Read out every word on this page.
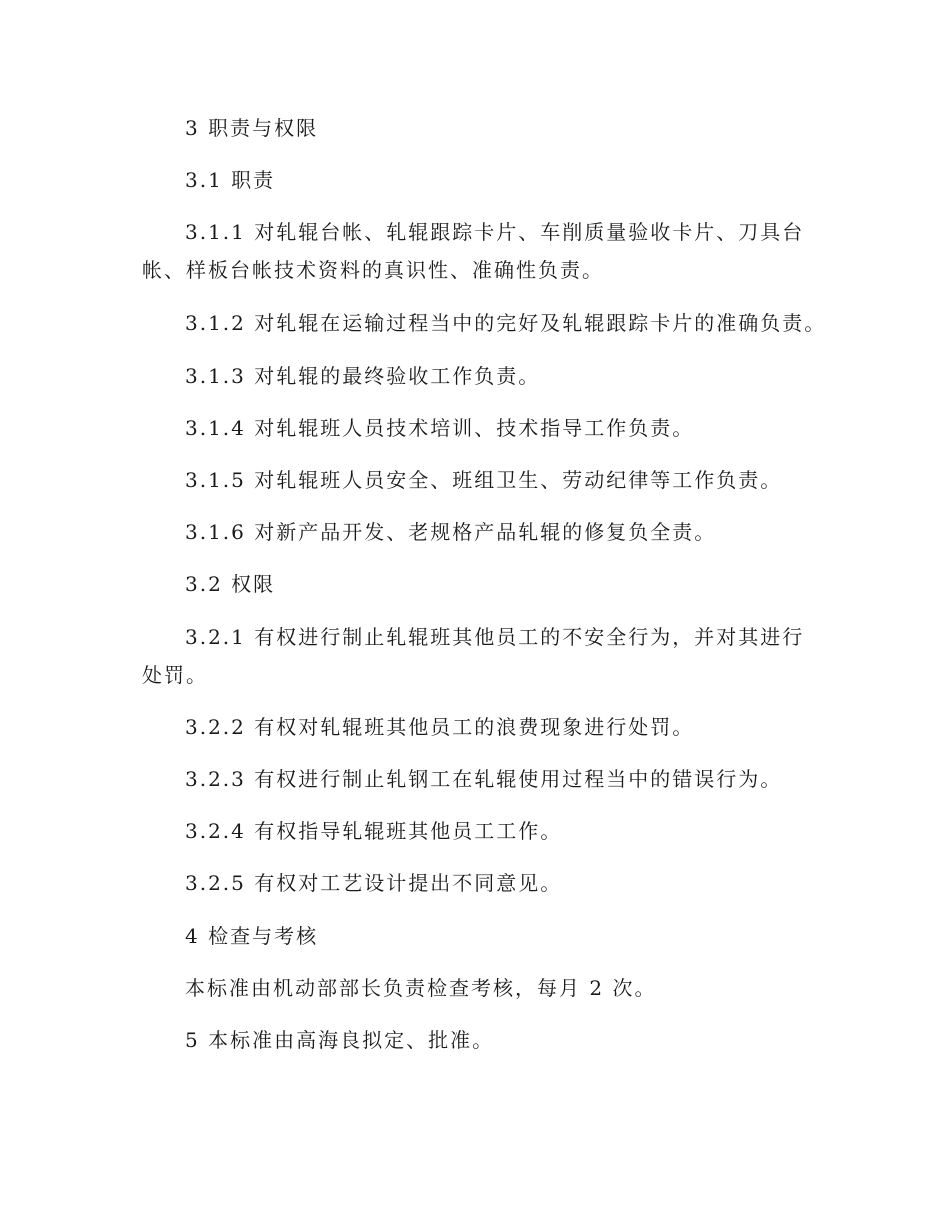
3 职责与权限
3.1 职责
3.1.1 对轧辊台帐、轧辊跟踪卡片、车削质量验收卡片、刀具台帐、样板台帐技术资料的真识性、准确性负责。
3.1.2 对轧辊在运输过程当中的完好及轧辊跟踪卡片的准确负责。
3.1.3 对轧辊的最终验收工作负责。
3.1.4 对轧辊班人员技术培训、技术指导工作负责。
3.1.5 对轧辊班人员安全、班组卫生、劳动纪律等工作负责。
3.1.6 对新产品开发、老规格产品轧辊的修复负全责。
3.2 权限
3.2.1 有权进行制止轧辊班其他员工的不安全行为，并对其进行处罚。
3.2.2 有权对轧辊班其他员工的浪费现象进行处罚。
3.2.3 有权进行制止轧钢工在轧辊使用过程当中的错误行为。
3.2.4 有权指导轧辊班其他员工工作。
3.2.5 有权对工艺设计提出不同意见。
4 检查与考核
本标准由机动部部长负责检查考核，每月 2 次。
5 本标准由高海良拟定、批准。
